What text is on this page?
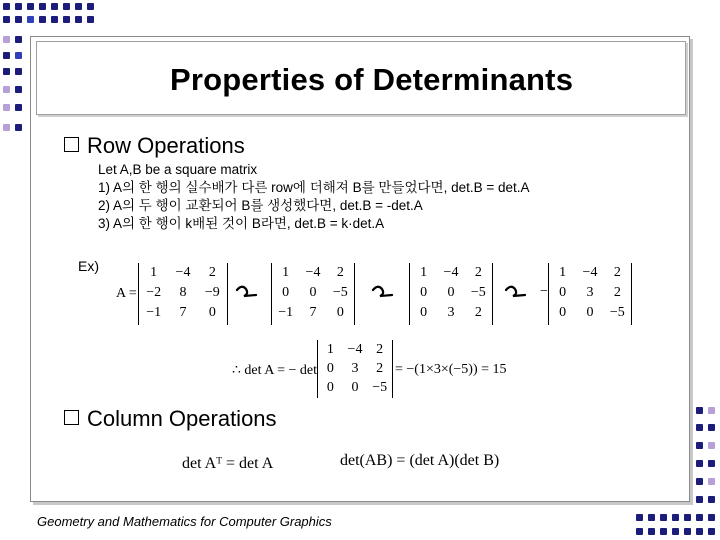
Properties of Determinants
Row Operations
Let A,B be a square matrix
1) A의 한 행의 실수배가 다른 row에 더해져 B를 만들었다면, det.B = det.A
2) A의 두 행이 교환되어 B를 생성했다면, det.B = -det.A
3) A의 한 행이 k배된 것이 B라면, det.B = k·det.A
Ex)
A =
1	−4	2
−2	8	−9
−1	7	0
1	−4	2
0	0	−5
−1	7	0
1	−4	2
0	0	−5
0	3	2
1	−4	2
0	3	2
0	0	−5
−
∴ det A = − det
1 −4 2
0	3	2
0	0 −5
= −(1×3×(−5)) = 15
Column Operations
det Aᵀ = det A	det(AB) = (det A)(det B)
Geometry and Mathematics for Computer Graphics
